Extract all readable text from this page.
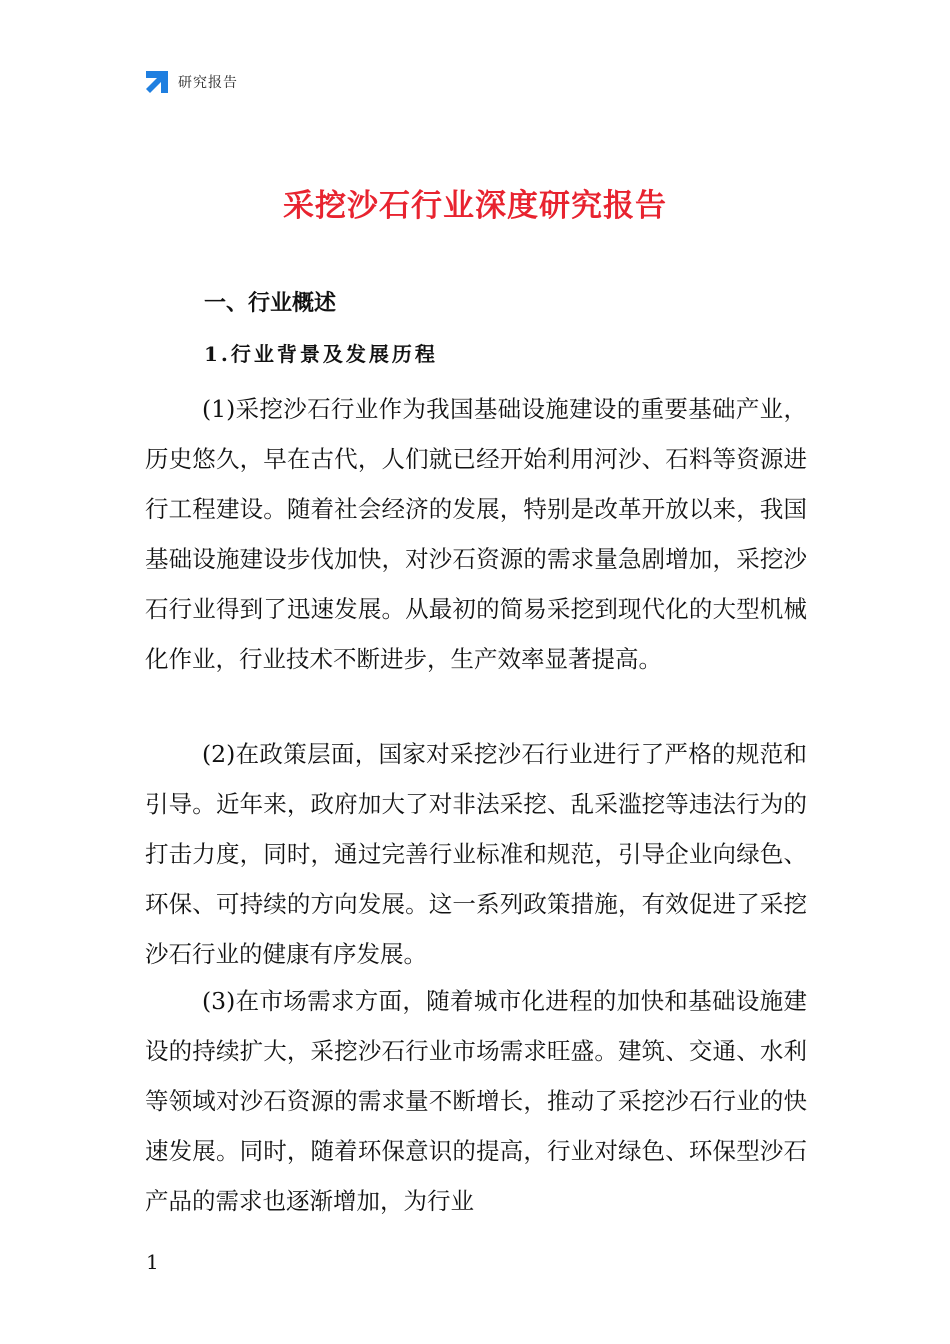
研究报告
采挖沙石行业深度研究报告
一、行业概述
1.行业背景及发展历程

(1)采挖沙石行业作为我国基础设施建设的重要基础产业，历史悠久，早在古代，人们就已经开始利用河沙、石料等资源进行工程建设。随着社会经济的发展，特别是改革开放以来，我国基础设施建设步伐加快，对沙石资源的需求量急剧增加，采挖沙石行业得到了迅速发展。从最初的简易采挖到现代化的大型机械化作业，行业技术不断进步，生产效率显著提高。

(2)在政策层面，国家对采挖沙石行业进行了严格的规范和引导。近年来，政府加大了对非法采挖、乱采滥挖等违法行为的打击力度，同时，通过完善行业标准和规范，引导企业向绿色、环保、可持续的方向发展。这一系列政策措施，有效促进了采挖沙石行业的健康有序发展。

(3)在市场需求方面，随着城市化进程的加快和基础设施建设的持续扩大，采挖沙石行业市场需求旺盛。建筑、交通、水利等领域对沙石资源的需求量不断增长，推动了采挖沙石行业的快速发展。同时，随着环保意识的提高，行业对绿色、环保型沙石产品的需求也逐渐增加，为行业

1
